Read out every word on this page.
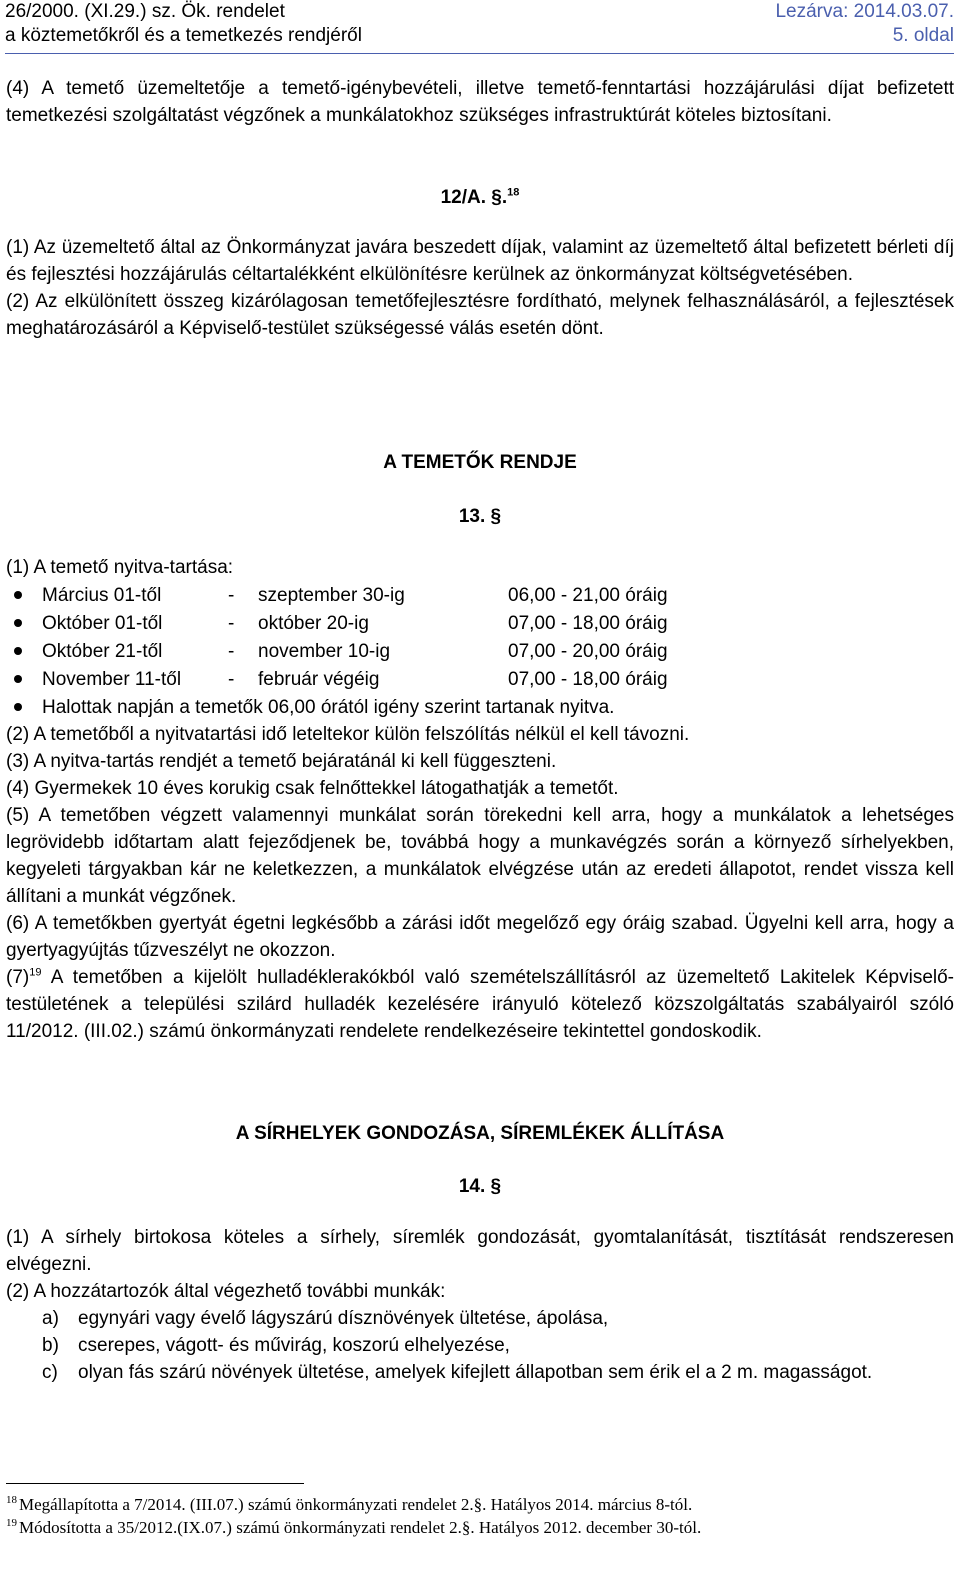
26/2000. (XI.29.) sz. Ök. rendelet	Lezárva: 2014.03.07.
a köztemetőkről és a temetkezés rendjéről	5. oldal

(4) A temető üzemeltetője a temető-igénybevételi, illetve temető-fenntartási hozzájárulási díjat befizetett temetkezési szolgáltatást végzőnek a munkálatokhoz szükséges infrastruktúrát köteles biztosítani.

12/A. §.$^{18}$

(1) Az üzemeltető által az Önkormányzat javára beszedett díjak, valamint az üzemeltető által befizetett bérleti díj és fejlesztési hozzájárulás céltartalékként elkülönítésre kerülnek az önkormányzat költségvetésében.

(2) Az elkülönített összeg kizárólagosan temetőfejlesztésre fordítható, melynek felhasználásáról, a fejlesztések meghatározásáról a Képviselő-testület szükségessé válás esetén dönt.

A TEMETŐK RENDJE
13. §

(1) A temető nyitva-tartása:

Március 01-től	-	szeptember 30-ig	06,00 - 21,00 óráig
Október 01-től	-	október 20-ig	07,00 - 18,00 óráig
Október 21-től	-	november 10-ig	07,00 - 20,00 óráig
November 11-től	-	február végéig	07,00 - 18,00 óráig
Halottak napján a temetők 06,00 órától igény szerint tartanak nyitva.

(2) A temetőből a nyitvatartási idő leteltekor külön felszólítás nélkül el kell távozni.

(3) A nyitva-tartás rendjét a temető bejáratánál ki kell függeszteni.

(4) Gyermekek 10 éves korukig csak felnőttekkel látogathatják a temetőt.

(5) A temetőben végzett valamennyi munkálat során törekedni kell arra, hogy a munkálatok a lehetséges legrövidebb időtartam alatt fejeződjenek be, továbbá hogy a munkavégzés során a környező sírhelyekben, kegyeleti tárgyakban kár ne keletkezzen, a munkálatok elvégzése után az eredeti állapotot, rendet vissza kell állítani a munkát végzőnek.

(6) A temetőkben gyertyát égetni legkésőbb a zárási időt megelőző egy óráig szabad. Ügyelni kell arra, hogy a gyertyagyújtás tűzveszélyt ne okozzon.

$(7)^{19}$ A temetőben a kijelölt hulladéklerakókból való szemételszállításról az üzemeltető Lakitelek Képviselő-testületének a települési szilárd hulladék kezelésére irányuló kötelező közszolgáltatás szabályairól szóló 11/2012. (III.02.) számú önkormányzati rendelete rendelkezéseire tekintettel gondoskodik.

A SÍRHELYEK GONDOZÁSA, SÍREMLÉKEK ÁLLÍTÁSA
14. §

(1) A sírhely birtokosa köteles a sírhely, síremlék gondozását, gyomtalanítását, tisztítását rendszeresen elvégezni.

(2) A hozzátartozók által végezhető további munkák:

a)	egynyári vagy évelő lágyszárú dísznövények ültetése, ápolása,
b)	cserepes, vágott- és művirág, koszorú elhelyezése,
c)	olyan fás szárú növények ültetése, amelyek kifejlett állapotban sem érik el a 2 m. magasságot.
$^{18}$ Megállapította a 7/2014. (III.07.) számú önkormányzati rendelet 2.§. Hatályos 2014. március 8-tól.
$^{19}$ Módosította a 35/2012.(IX.07.) számú önkormányzati rendelet 2.§. Hatályos 2012. december 30-tól.
